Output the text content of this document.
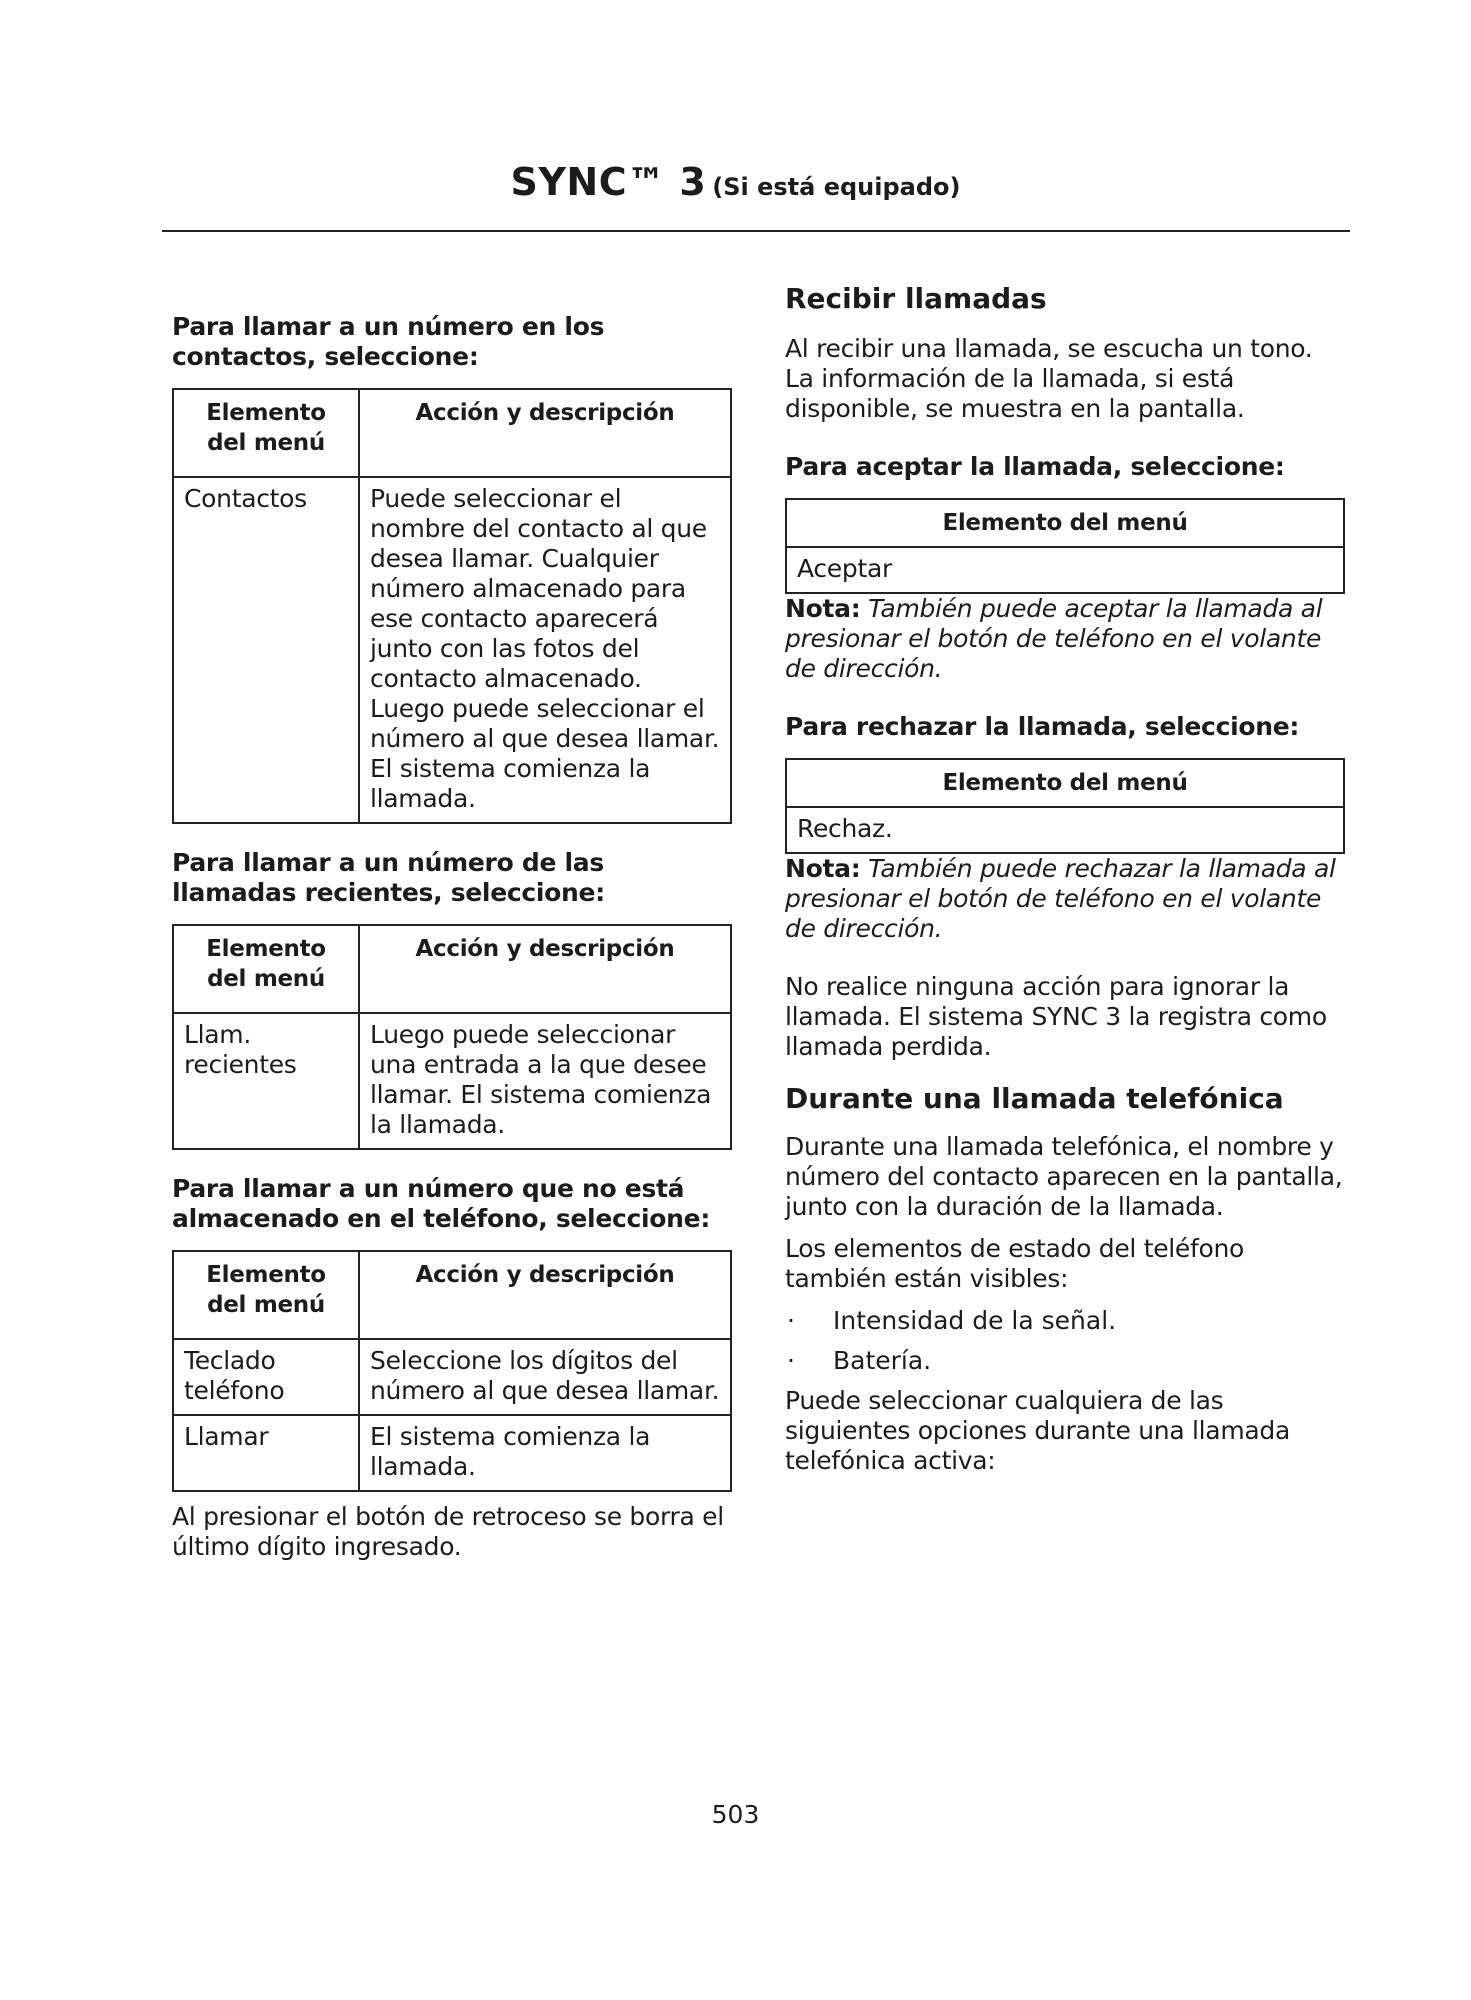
SYNC™ 3 (Si está equipado)
Para llamar a un número en los contactos, seleccione:
Elemento del menú	Acción y descripción
Contactos	Puede seleccionar el nombre del contacto al que desea llamar. Cualquier número almacenado para ese contacto aparecerá junto con las fotos del contacto almacenado. Luego puede seleccionar el número al que desea llamar. El sistema comienza la llamada.
Para llamar a un número de las llamadas recientes, seleccione:
Elemento del menú	Acción y descripción
Llam. recientes	Luego puede seleccionar una entrada a la que desee llamar. El sistema comienza la llamada.
Para llamar a un número que no está almacenado en el teléfono, seleccione:
Elemento del menú	Acción y descripción
Teclado teléfono	Seleccione los dígitos del número al que desea llamar.
Llamar	El sistema comienza la llamada.

Al presionar el botón de retroceso se borra el último dígito ingresado.

Recibir llamadas

Al recibir una llamada, se escucha un tono. La información de la llamada, si está disponible, se muestra en la pantalla.

Para aceptar la llamada, seleccione:
Elemento del menú
Aceptar

Nota: También puede aceptar la llamada al presionar el botón de teléfono en el volante de dirección.

Para rechazar la llamada, seleccione:
Elemento del menú
Rechaz.

Nota: También puede rechazar la llamada al presionar el botón de teléfono en el volante de dirección.

No realice ninguna acción para ignorar la llamada. El sistema SYNC 3 la registra como llamada perdida.

Durante una llamada telefónica

Durante una llamada telefónica, el nombre y número del contacto aparecen en la pantalla, junto con la duración de la llamada.

Los elementos de estado del teléfono también están visibles:

· Intensidad de la señal.
· Batería.

Puede seleccionar cualquiera de las siguientes opciones durante una llamada telefónica activa:

503
